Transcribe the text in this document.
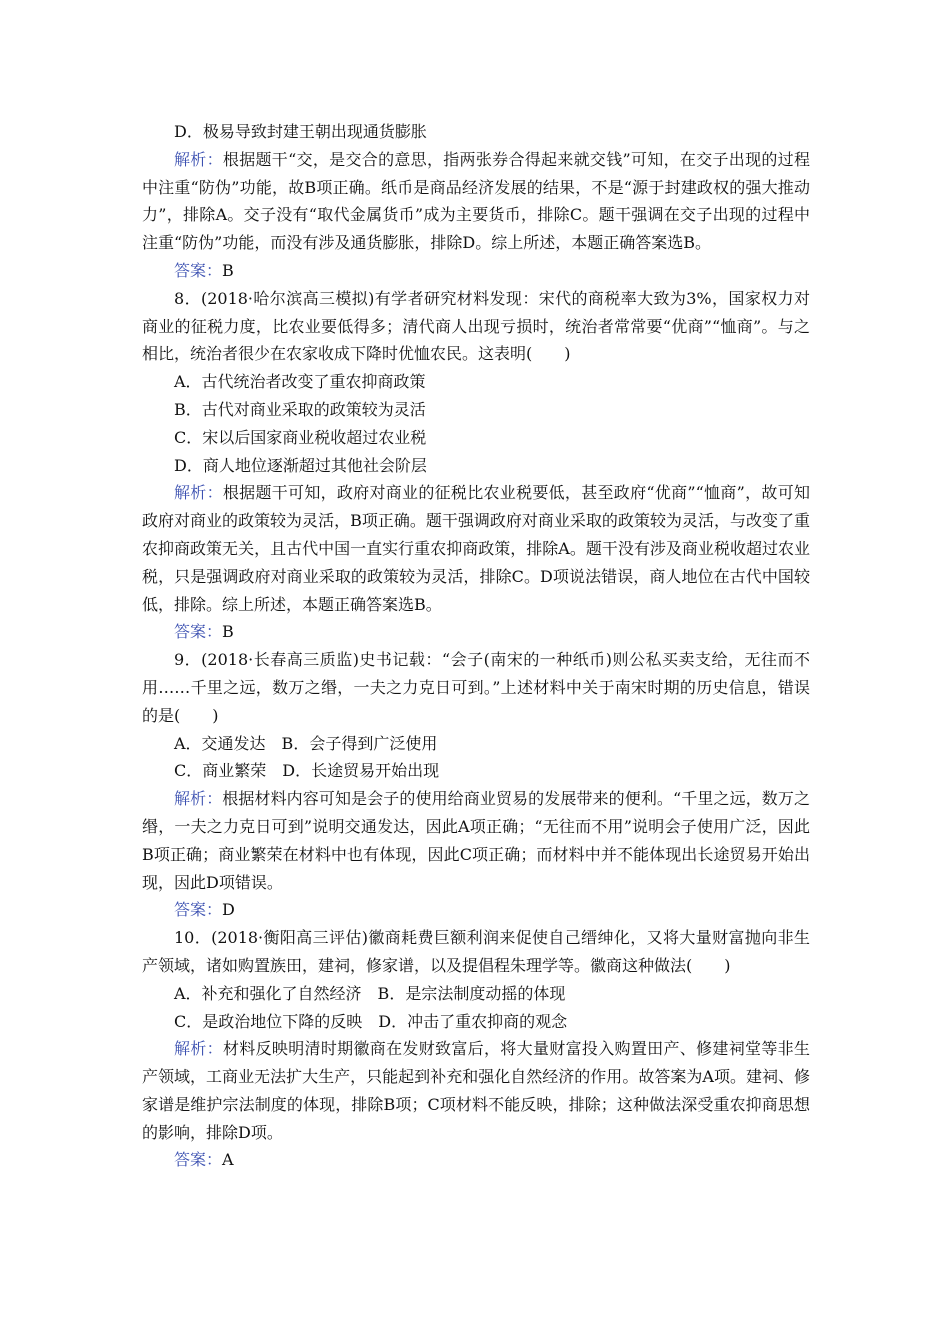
D．极易导致封建王朝出现通货膨胀

解析：根据题干“交，是交合的意思，指两张券合得起来就交钱”可知，在交子出现的过程中注重“防伪”功能，故B项正确。纸币是商品经济发展的结果，不是“源于封建政权的强大推动力”，排除A。交子没有“取代金属货币”成为主要货币，排除C。题干强调在交子出现的过程中注重“防伪”功能，而没有涉及通货膨胀，排除D。综上所述，本题正确答案选B。

答案：B

8．(2018·哈尔滨高三模拟)有学者研究材料发现：宋代的商税率大致为3%，国家权力对商业的征税力度，比农业要低得多；清代商人出现亏损时，统治者常常要“优商”“恤商”。与之相比，统治者很少在农家收成下降时优恤农民。这表明(　　)

A．古代统治者改变了重农抑商政策

B．古代对商业采取的政策较为灵活

C．宋以后国家商业税收超过农业税

D．商人地位逐渐超过其他社会阶层

解析：根据题干可知，政府对商业的征税比农业税要低，甚至政府“优商”“恤商”，故可知政府对商业的政策较为灵活，B项正确。题干强调政府对商业采取的政策较为灵活，与改变了重农抑商政策无关，且古代中国一直实行重农抑商政策，排除A。题干没有涉及商业税收超过农业税，只是强调政府对商业采取的政策较为灵活，排除C。D项说法错误，商人地位在古代中国较低，排除。综上所述，本题正确答案选B。

答案：B

9．(2018·长春高三质监)史书记载：“会子(南宋的一种纸币)则公私买卖支给，无往而不用……千里之远，数万之缗，一夫之力克日可到。”上述材料中关于南宋时期的历史信息，错误的是(　　)

A．交通发达　B．会子得到广泛使用

C．商业繁荣　D．长途贸易开始出现

解析：根据材料内容可知是会子的使用给商业贸易的发展带来的便利。“千里之远，数万之缗，一夫之力克日可到”说明交通发达，因此A项正确；“无往而不用”说明会子使用广泛，因此B项正确；商业繁荣在材料中也有体现，因此C项正确；而材料中并不能体现出长途贸易开始出现，因此D项错误。

答案：D

10．(2018·衡阳高三评估)徽商耗费巨额利润来促使自己缙绅化，又将大量财富抛向非生产领域，诸如购置族田，建祠，修家谱，以及提倡程朱理学等。徽商这种做法(　　)

A．补充和强化了自然经济　B．是宗法制度动摇的体现

C．是政治地位下降的反映　D．冲击了重农抑商的观念

解析：材料反映明清时期徽商在发财致富后，将大量财富投入购置田产、修建祠堂等非生产领域，工商业无法扩大生产，只能起到补充和强化自然经济的作用。故答案为A项。建祠、修家谱是维护宗法制度的体现，排除B项；C项材料不能反映，排除；这种做法深受重农抑商思想的影响，排除D项。

答案：A
